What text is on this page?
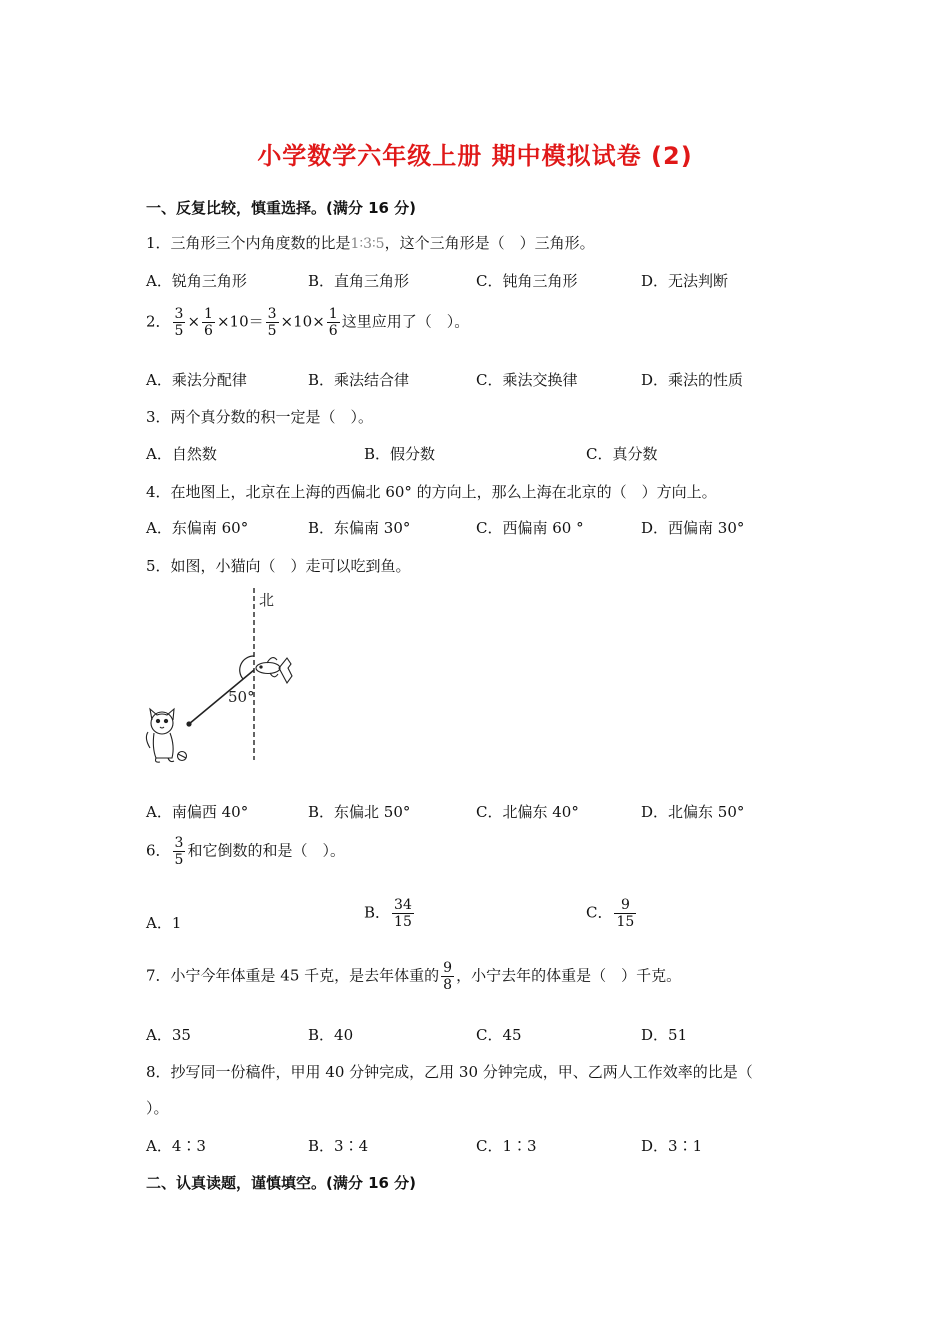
小学数学六年级上册 期中模拟试卷 (2)
一、反复比较，慎重选择。(满分 16 分)
1．三角形三个内角度数的比是1∶3∶5，这个三角形是（　）三角形。
A．锐角三角形	B．直角三角形	C．钝角三角形	D．无法判断
2． $\frac{3}{5} \times \frac{1}{6} \times 10= \frac{3}{5} \times 10\times \frac{1}{6}$ 这里应用了（　）。
A．乘法分配律	B．乘法结合律	C．乘法交换律	D．乘法的性质
3．两个真分数的积一定是（　）。
A．自然数	B．假分数	C．真分数
4．在地图上，北京在上海的西偏北 60° 的方向上，那么上海在北京的（　）方向上。
A．东偏南 60°	B．东偏南 30°	C．西偏南 60 °	D．西偏南 30°
5．如图，小猫向（　）走可以吃到鱼。
北
50°
A．南偏西 40°	B．东偏北 50°	C．北偏东 40°	D．北偏东 50°
6． $\frac{3}{5}$ 和它倒数的和是（　）。
A．1
B． $\frac{34}{15}$	C． $\frac{9}{15}$
7．小宁今年体重是 45 千克，是去年体重的 $\frac{9}{8}$ ，小宁去年的体重是（　）千克。
A．35	B．40	C．45	D．51
8．抄写同一份稿件，甲用 40 分钟完成，乙用 30 分钟完成，甲、乙两人工作效率的比是（
）。
A．4∶3	B．3∶4	C．1∶3	D．3∶1
二、认真读题，谨慎填空。(满分 16 分)
